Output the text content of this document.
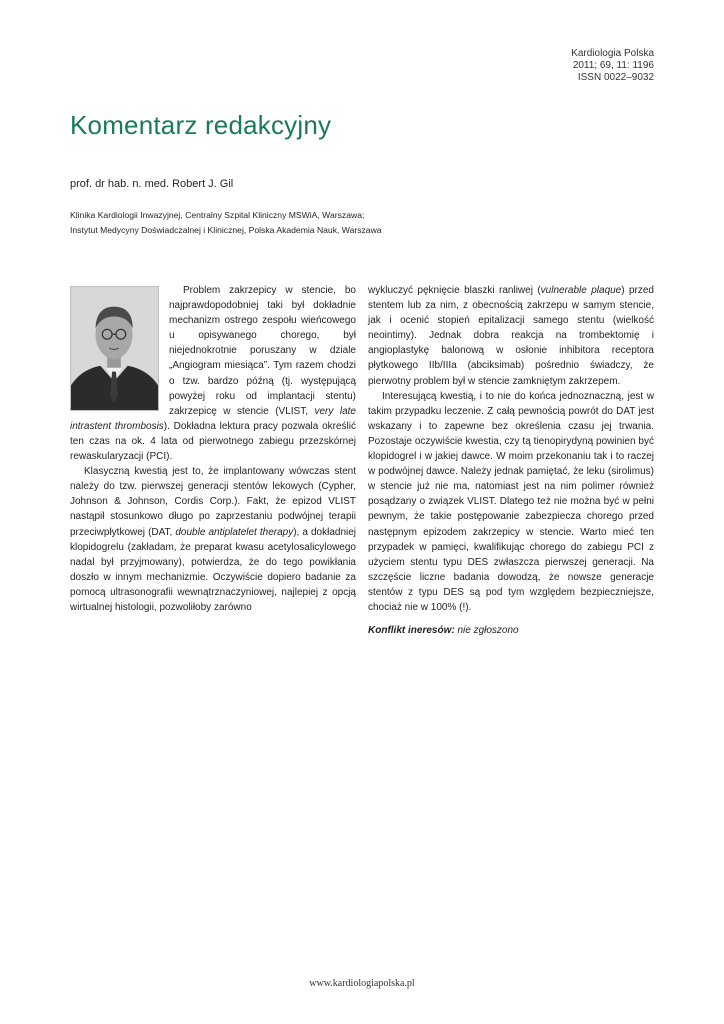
Kardiologia Polska
2011; 69, 11: 1196
ISSN 0022–9032
Komentarz redakcyjny
prof. dr hab. n. med. Robert J. Gil
Klinika Kardiologii Inwazyjnej, Centralny Szpital Kliniczny MSWiA, Warszawa;
Instytut Medycyny Doświadczalnej i Klinicznej, Polska Akademia Nauk, Warszawa

Problem zakrzepicy w stencie, bo najprawdopodobniej taki był dokładnie mechanizm ostrego zespołu wieńcowego u opisywanego chorego, był niejednokrotnie poruszany w dziale „Angiogram miesiąca”. Tym razem chodzi o tzw. bardzo późną (tj. występującą powyżej roku od implantacji stentu) zakrzepicę w stencie (VLIST, very late intrastent thrombosis). Dokładna lektura pracy pozwala określić ten czas na ok. 4 lata od pierwotnego zabiegu przezskórnej rewaskularyzacji (PCI).

Klasyczną kwestią jest to, że implantowany wówczas stent należy do tzw. pierwszej generacji stentów lekowych (Cypher, Johnson & Johnson, Cordis Corp.). Fakt, że epizod VLIST nastąpił stosunkowo długo po zaprzestaniu podwójnej terapii przeciwpłytkowej (DAT, double antiplatelet therapy), a dokładniej klopidogrelu (zakładam, że preparat kwasu acetylosalicylowego nadal był przyjmowany), potwierdza, że do tego powikłania doszło w innym mechanizmie. Oczywiście dopiero badanie za pomocą ultrasonografii wewnątrznaczyniowej, najlepiej z opcją wirtualnej histologii, pozwoliłoby zarówno

wykluczyć pęknięcie blaszki ranliwej (vulnerable plaque) przed stentem lub za nim, z obecnością zakrzepu w samym stencie, jak i ocenić stopień epitalizacji samego stentu (wielkość neointimy). Jednak dobra reakcja na trombektomię i angioplastykę balonową w osłonie inhibitora receptora płytkowego IIb/IIIa (abciksimab) pośrednio świadczy, że pierwotny problem był w stencie zamkniętym zakrzepem.

Interesującą kwestią, i to nie do końca jednoznaczną, jest w takim przypadku leczenie. Z całą pewnością powrót do DAT jest wskazany i to zapewne bez określenia czasu jej trwania. Pozostaje oczywiście kwestia, czy tą tienopirydyną powinien być klopidogrel i w jakiej dawce. W moim przekonaniu tak i to raczej w podwójnej dawce. Należy jednak pamiętać, że leku (sirolimus) w stencie już nie ma, natomiast jest na nim polimer również posądzany o związek VLIST. Dlatego też nie można być w pełni pewnym, że takie postępowanie zabezpiecza chorego przed następnym epizodem zakrzepicy w stencie. Warto mieć ten przypadek w pamięci, kwalifikując chorego do zabiegu PCI z użyciem stentu typu DES zwłaszcza pierwszej generacji. Na szczęście liczne badania dowodzą, że nowsze generacje stentów z typu DES są pod tym względem bezpieczniejsze, chociaż nie w 100% (!).

Konflikt ineresów: nie zgłoszono
www.kardiologiapolska.pl
